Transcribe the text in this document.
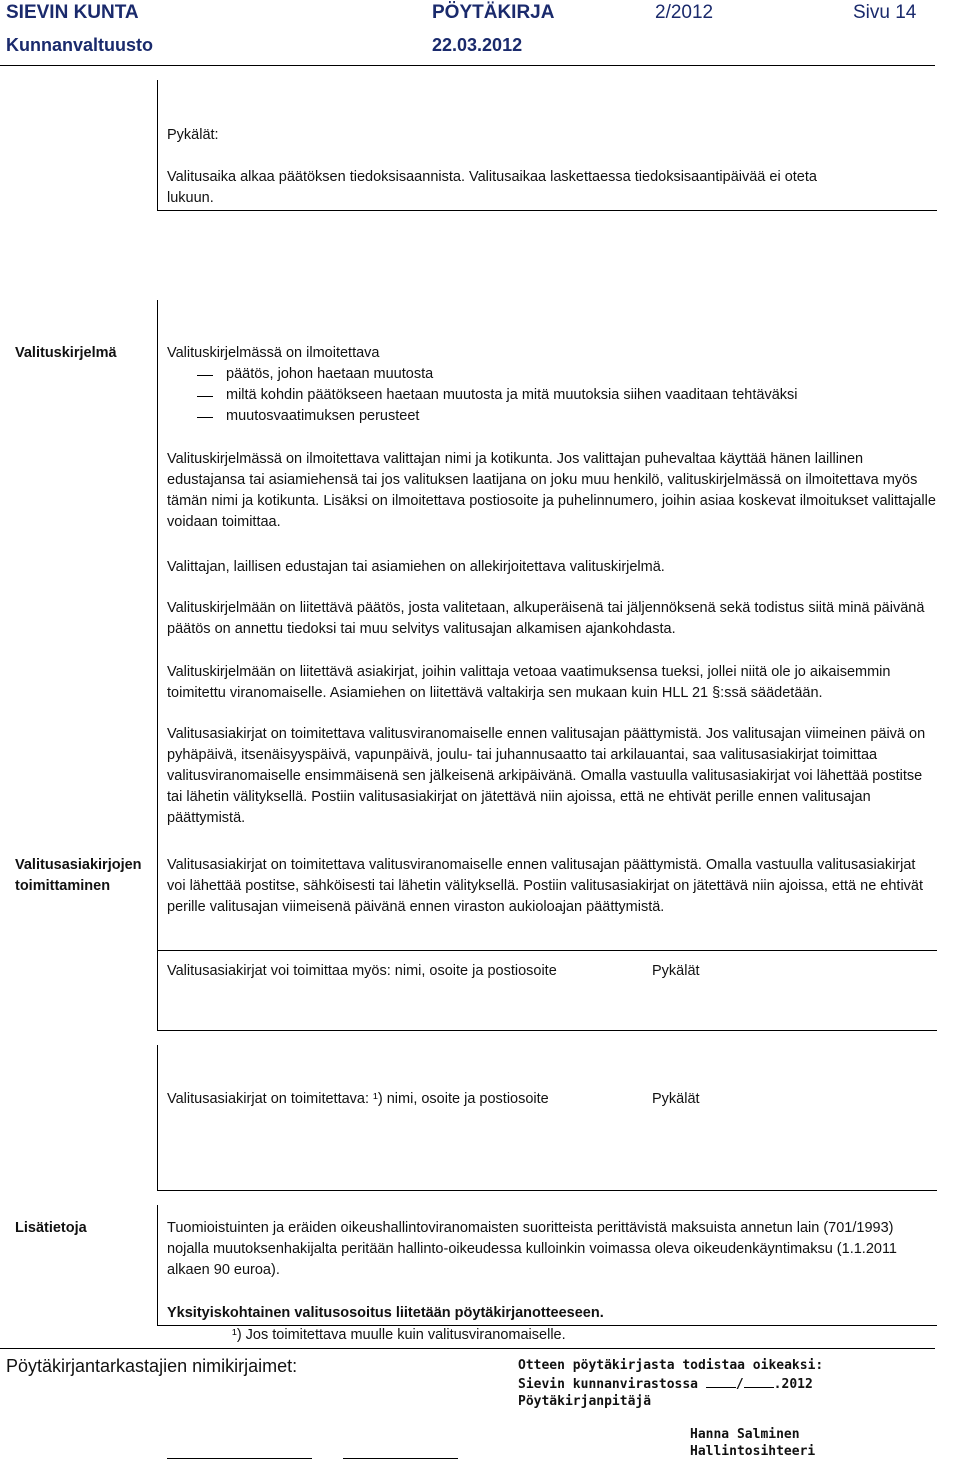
SIEVIN KUNTA	PÖYTÄKIRJA	2/2012	Sivu 14
Kunnanvaltuusto	22.03.2012
Pykälät:
Valitusaika alkaa päätöksen tiedoksisaannista. Valitusaikaa laskettaessa tiedoksisaantipäivää ei oteta lukuun.
Valituskirjelmä	Valituskirjelmässä on ilmoitettava
päätös, johon haetaan muutosta
miltä kohdin päätökseen haetaan muutosta ja mitä muutoksia siihen vaaditaan tehtäväksi
muutosvaatimuksen perusteet

Valituskirjelmässä on ilmoitettava valittajan nimi ja kotikunta. Jos valittajan puhevaltaa käyttää hänen laillinen edustajansa tai asiamiehensä tai jos valituksen laatijana on joku muu henkilö, valituskirjelmässä on ilmoitettava myös tämän nimi ja kotikunta. Lisäksi on ilmoitettava postiosoite ja puhelinnumero, joihin asiaa koskevat ilmoitukset valittajalle voidaan toimittaa.

Valittajan, laillisen edustajan tai asiamiehen on allekirjoitettava valituskirjelmä.

Valituskirjelmään on liitettävä päätös, josta valitetaan, alkuperäisenä tai jäljennöksenä sekä todistus siitä minä päivänä päätös on annettu tiedoksi tai muu selvitys valitusajan alkamisen ajankohdasta.

Valituskirjelmään on liitettävä asiakirjat, joihin valittaja vetoaa vaatimuksensa tueksi, jollei niitä ole jo aikaisemmin toimitettu viranomaiselle. Asiamiehen on liitettävä valtakirja sen mukaan kuin HLL 21 §:ssä säädetään.

Valitusasiakirjat on toimitettava valitusviranomaiselle ennen valitusajan päättymistä. Jos valitusajan viimeinen päivä on pyhäpäivä, itsenäisyyspäivä, vapunpäivä, joulu- tai juhannusaatto tai arkilauantai, saa valitusasiakirjat toimittaa valitusviranomaiselle ensimmäisenä sen jälkeisenä arkipäivänä. Omalla vastuulla valitusasiakirjat voi lähettää postitse tai lähetin välityksellä. Postiin valitusasiakirjat on jätettävä niin ajoissa, että ne ehtivät perille ennen valitusajan päättymistä.

Valitusasiakirjojen toimittaminen

Valitusasiakirjat on toimitettava valitusviranomaiselle ennen valitusajan päättymistä. Omalla vastuulla valitusasiakirjat voi lähettää postitse, sähköisesti tai lähetin välityksellä. Postiin valitusasiakirjat on jätettävä niin ajoissa, että ne ehtivät perille valitusajan viimeisenä päivänä ennen viraston aukioloajan päättymistä.

Valitusasiakirjat voi toimittaa myös: nimi, osoite ja postiosoite	Pykälät
Valitusasiakirjat on toimitettava: ¹) nimi, osoite ja postiosoite	Pykälät
Lisätietoja	Tuomioistuinten ja eräiden oikeushallintoviranomaisten suoritteista perittävistä maksuista annetun lain (701/1993) nojalla muutoksenhakijalta peritään hallinto-oikeudessa kulloinkin voimassa oleva oikeudenkäyntimaksu (1.1.2011 alkaen 90 euroa).

Yksityiskohtainen valitusosoitus liitetään pöytäkirjanotteeseen.
¹) Jos toimitettava muulle kuin valitusviranomaiselle.
Pöytäkirjantarkastajien nimikirjaimet:	Otteen pöytäkirjasta todistaa oikeaksi:
Sievin kunnanvirastossa	/ .2012
Pöytäkirjanpitäjä
Hanna Salminen
Hallintosihteeri
